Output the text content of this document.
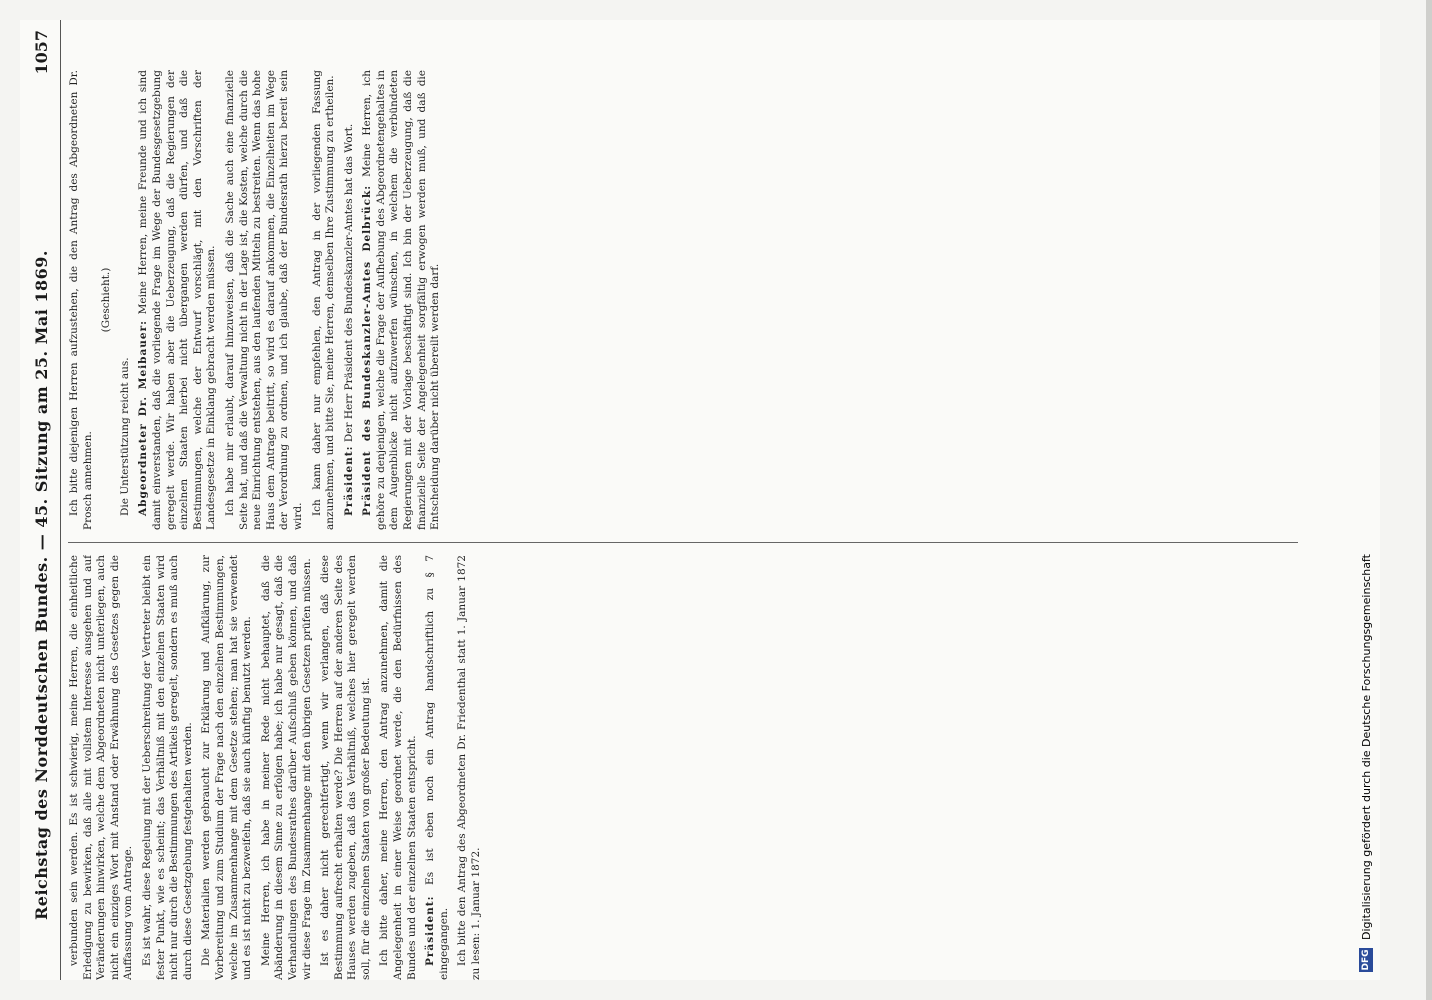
Reichstag des Norddeutschen Bundes. — 45. Sitzung am 25. Mai 1869.
1057

verbunden sein werden. Es ist schwierig, meine Herren, die einheitliche Erledigung zu bewirken, daß alle mit vollstem Interesse ausgehen und auf Veränderungen hinwirken, welche dem Abgeordneten nicht unterliegen, auch nicht ein einziges Wort mit Anstand oder Erwähnung des Gesetzes gegen die Auffassung vom Antrage. Es ist wahr, diese Regelung mit der Ueberschreitung der Vertreter bleibt ein fester Punkt, wie es scheint; das Verhältniß mit den einzelnen Staaten wird nicht nur durch die Bestimmungen des Artikels geregelt, sondern es muß auch durch diese Gesetzgebung festgehalten werden. Die Materialien werden gebraucht zur Erklärung und Aufklärung, zur Vorbereitung und zum Studium der Frage nach den einzelnen Bestimmungen, welche im Zusammenhange mit dem Gesetze stehen; man hat sie verwendet und es ist nicht zu bezweifeln, daß sie auch künftig benutzt werden. Meine Herren, ich habe in meiner Rede nicht behauptet, daß die Abänderung in diesem Sinne zu erfolgen habe; ich habe nur gesagt, daß die Verhandlungen des Bundesrathes darüber Aufschluß geben können, und daß wir diese Frage im Zusammenhange mit den übrigen Gesetzen prüfen müssen. Ist es daher nicht gerechtfertigt, wenn wir verlangen, daß diese Bestimmung aufrecht erhalten werde? Die Herren auf der anderen Seite des Hauses werden zugeben, daß das Verhältniß, welches hier geregelt werden soll, für die einzelnen Staaten von großer Bedeutung ist. Ich bitte daher, meine Herren, den Antrag anzunehmen, damit die Angelegenheit in einer Weise geordnet werde, die den Bedürfnissen des Bundes und der einzelnen Staaten entspricht. Präsident: Es ist eben noch ein Antrag handschriftlich zu § 7 eingegangen. Ich bitte den Antrag des Abgeordneten Dr. Friedenthal statt 1. Januar 1872 zu lesen: 1. Januar 1872.

Ich bitte diejenigen Herren aufzustehen, die den Antrag des Abgeordneten Dr. Prosch annehmen.

(Geschieht.)

Die Unterstützung reicht aus. Abgeordneter Dr. Meibauer: Meine Herren, meine Freunde und ich sind damit einverstanden, daß die vorliegende Frage im Wege der Bundesgesetzgebung geregelt werde. Wir haben aber die Ueberzeugung, daß die Regierungen der einzelnen Staaten hierbei nicht übergangen werden dürfen, und daß die Bestimmungen, welche der Entwurf vorschlägt, mit den Vorschriften der Landesgesetze in Einklang gebracht werden müssen. Ich habe mir erlaubt, darauf hinzuweisen, daß die Sache auch eine finanzielle Seite hat, und daß die Verwaltung nicht in der Lage ist, die Kosten, welche durch die neue Einrichtung entstehen, aus den laufenden Mitteln zu bestreiten. Wenn das hohe Haus dem Antrage beitritt, so wird es darauf ankommen, die Einzelheiten im Wege der Verordnung zu ordnen, und ich glaube, daß der Bundesrath hierzu bereit sein wird.

Ich kann daher nur empfehlen, den Antrag in der vorliegenden Fassung anzunehmen, und bitte Sie, meine Herren, demselben Ihre Zustimmung zu ertheilen. Präsident: Der Herr Präsident des Bundeskanzler-Amtes hat das Wort. Präsident des Bundeskanzler-Amtes Delbrück: Meine Herren, ich gehöre zu denjenigen, welche die Frage der Aufhebung des Abgeordnetengehaltes in dem Augenblicke nicht aufzuwerfen wünschen, in welchem die verbündeten Regierungen mit der Vorlage beschäftigt sind. Ich bin der Ueberzeugung, daß die finanzielle Seite der Angelegenheit sorgfältig erwogen werden muß, und daß die Entscheidung darüber nicht übereilt werden darf.

DFG
Digitalisierung gefördert durch die Deutsche Forschungsgemeinschaft
